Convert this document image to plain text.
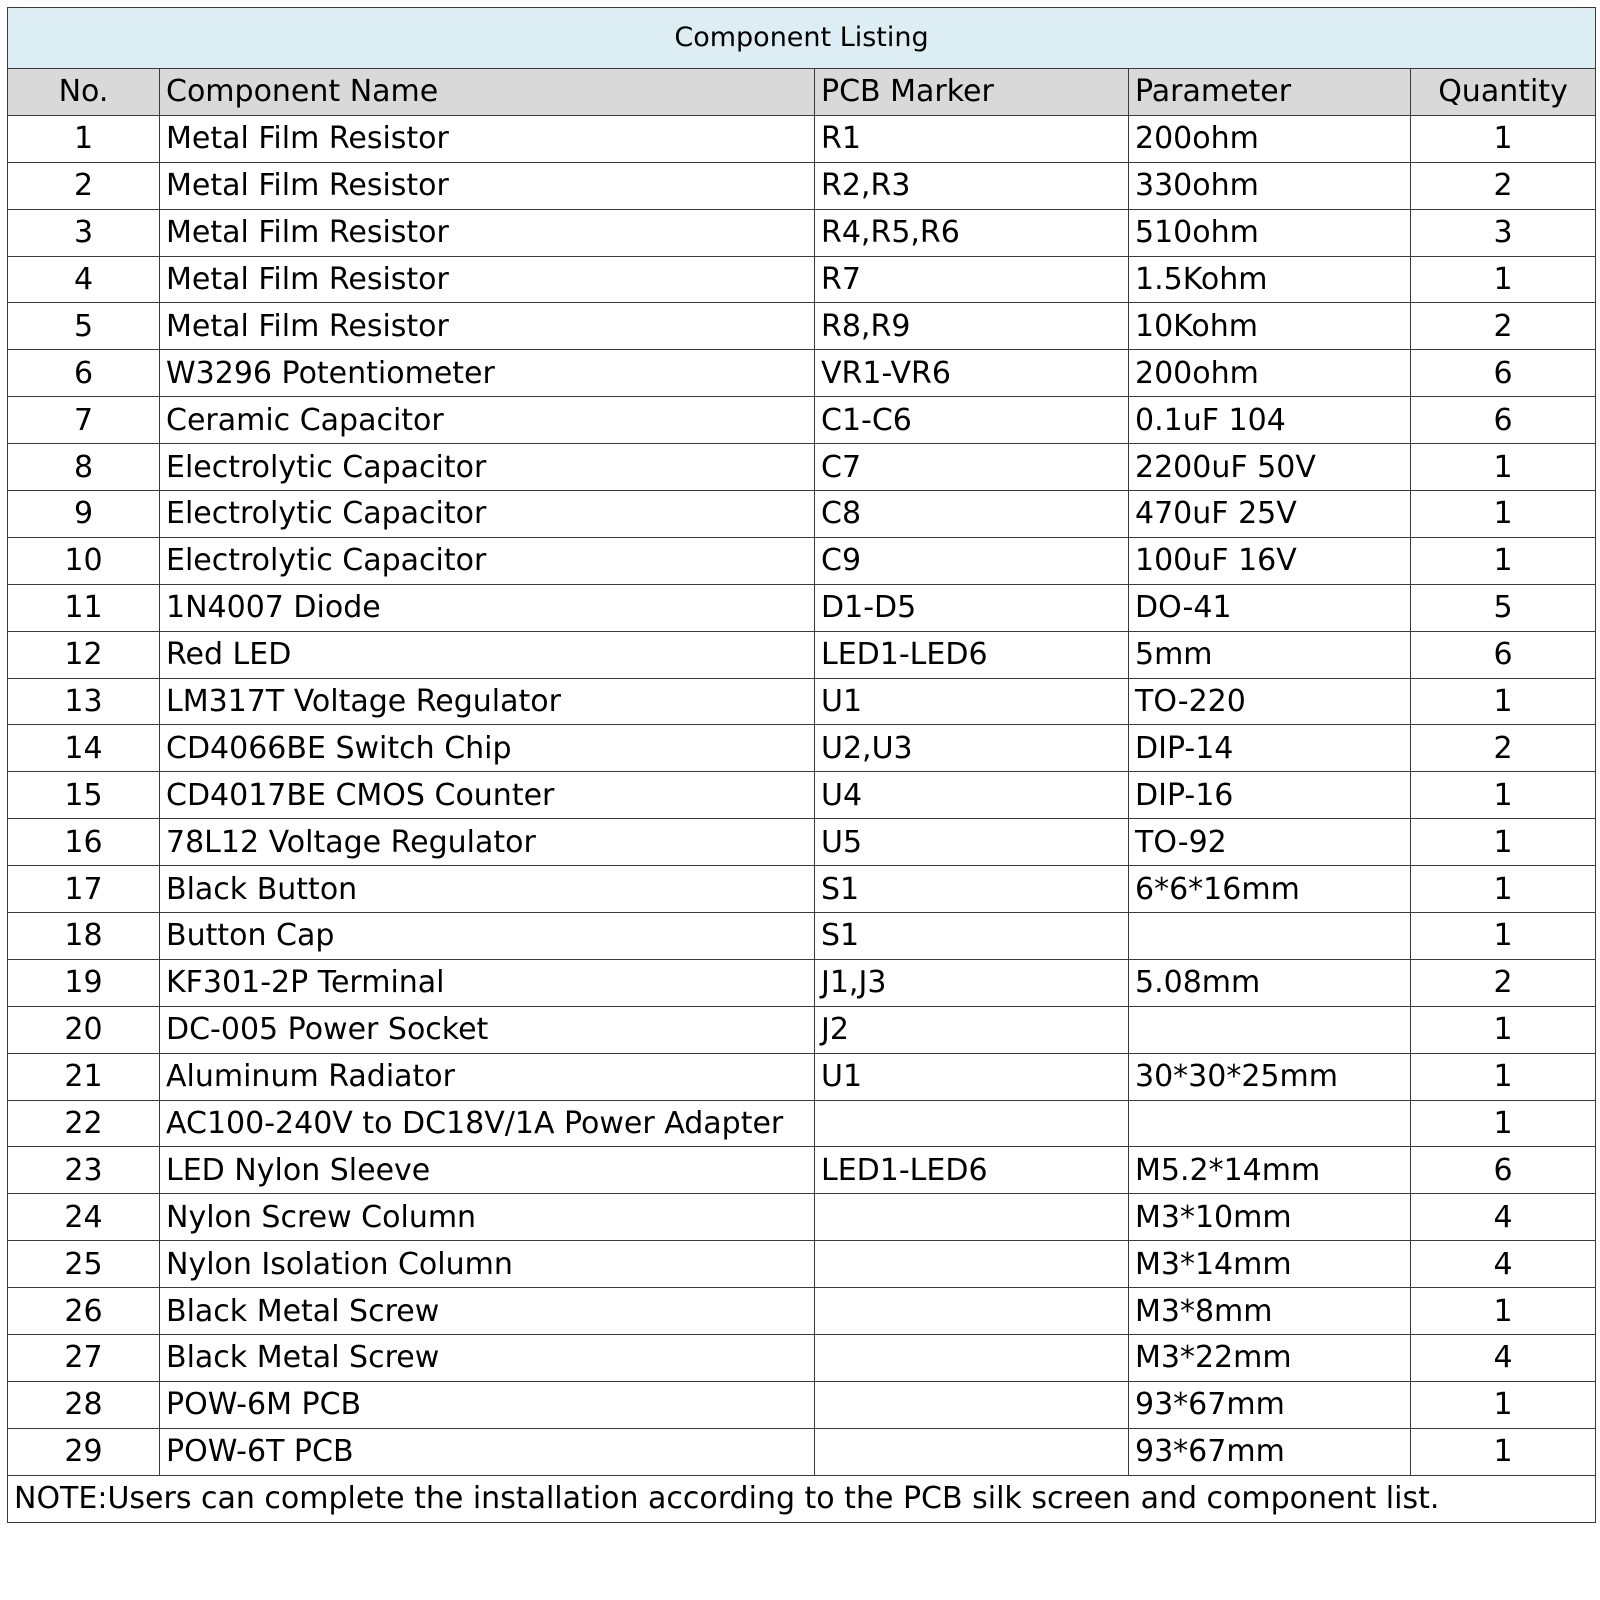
Component Listing				
No.	Component Name	PCB Marker	Parameter	Quantity
1	Metal Film Resistor	R1	200ohm	1
2	Metal Film Resistor	R2,R3	330ohm	2
3	Metal Film Resistor	R4,R5,R6	510ohm	3
4	Metal Film Resistor	R7	1.5Kohm	1
5	Metal Film Resistor	R8,R9	10Kohm	2
6	W3296 Potentiometer	VR1-VR6	200ohm	6
7	Ceramic Capacitor	C1-C6	0.1uF 104	6
8	Electrolytic Capacitor	C7	2200uF 50V	1
9	Electrolytic Capacitor	C8	470uF 25V	1
10	Electrolytic Capacitor	C9	100uF 16V	1
11	1N4007 Diode	D1-D5	DO-41	5
12	Red LED	LED1-LED6	5mm	6
13	LM317T Voltage Regulator	U1	TO-220	1
14	CD4066BE Switch Chip	U2,U3	DIP-14	2
15	CD4017BE CMOS Counter	U4	DIP-16	1
16	78L12 Voltage Regulator	U5	TO-92	1
17	Black Button	S1	6*6*16mm	1
18	Button Cap	S1		1
19	KF301-2P Terminal	J1,J3	5.08mm	2
20	DC-005 Power Socket	J2		1
21	Aluminum Radiator	U1	30*30*25mm	1
22	AC100-240V to DC18V/1A Power Adapter			1
23	LED Nylon Sleeve	LED1-LED6	M5.2*14mm	6
24	Nylon Screw Column		M3*10mm	4
25	Nylon Isolation Column		M3*14mm	4
26	Black Metal Screw		M3*8mm	1
27	Black Metal Screw		M3*22mm	4
28	POW-6M PCB		93*67mm	1
29	POW-6T PCB		93*67mm	1
NOTE:Users can complete the installation according to the PCB silk screen and component list.				
